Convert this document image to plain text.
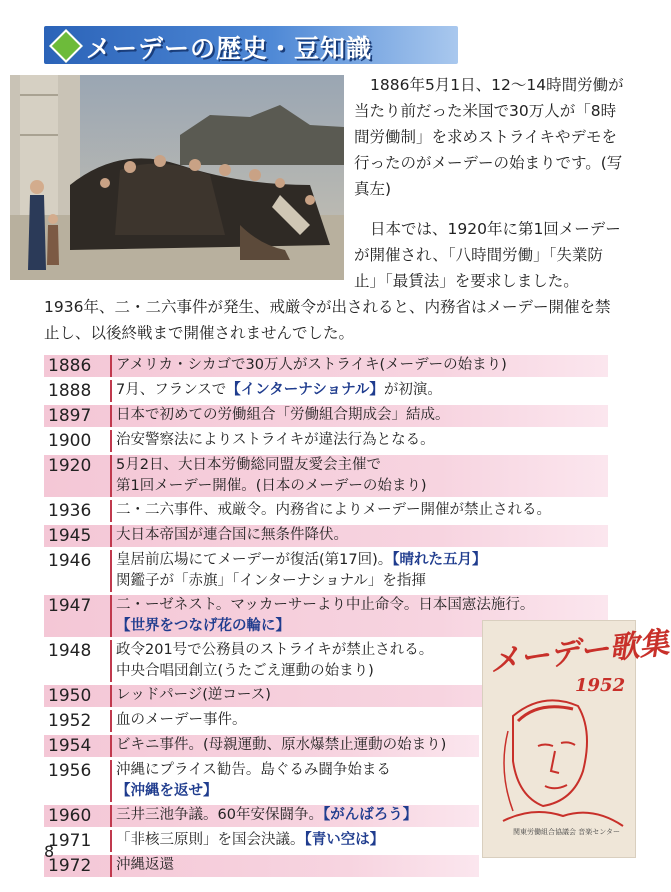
メーデーの歴史・豆知識
1886年5月1日、12〜14時間労働が当たり前だった米国で30万人が「8時間労働制」を求めストライキやデモを行ったのがメーデーの始まりです。(写真左)
日本では、1920年に第1回メーデーが開催され、「八時間労働」「失業防止」「最賃法」を要求しました。
1936年、二・二六事件が発生、戒厳令が出されると、内務省はメーデー開催を禁止し、以後終戦まで開催されませんでした。
1886	アメリカ・シカゴで30万人がストライキ(メーデーの始まり)
1888	7月、フランスで【インターナショナル】が初演。
1897	日本で初めての労働組合「労働組合期成会」結成。
1900	治安警察法によりストライキが違法行為となる。
1920	5月2日、大日本労働総同盟友愛会主催で
第1回メーデー開催。(日本のメーデーの始まり)
1936	二・二六事件、戒厳令。内務省によりメーデー開催が禁止される。
1945	大日本帝国が連合国に無条件降伏。
1946	皇居前広場にてメーデーが復活(第17回)。【晴れた五月】
関鑑子が「赤旗」「インターナショナル」を指揮
1947	二・ーゼネスト。マッカーサーより中止命令。日本国憲法施行。
【世界をつなげ花の輪に】
1948	政令201号で公務員のストライキが禁止される。
中央合唱団創立(うたごえ運動の始まり)
1950	レッドパージ(逆コース)
1952	血のメーデー事件。
1954	ビキニ事件。(母親運動、原水爆禁止運動の始まり)
1956	沖縄にプライス勧告。島ぐるみ闘争始まる
【沖縄を返せ】
1960	三井三池争議。60年安保闘争。【がんばろう】
1971	「非核三原則」を国会決議。【青い空は】
1972	沖縄返還
メーデー歌集
1952
関東労働組合協議会 音楽センター
8
